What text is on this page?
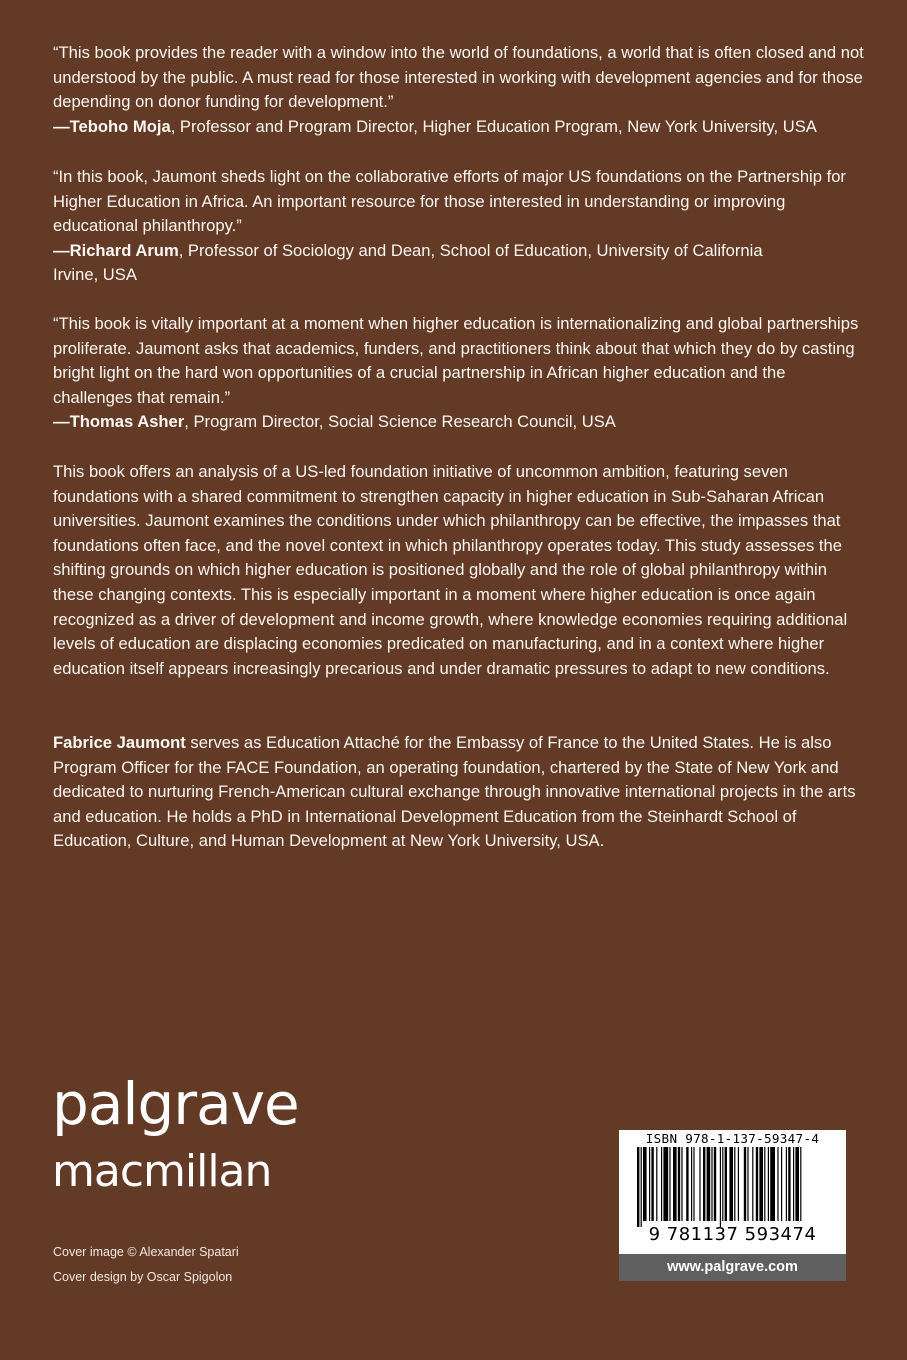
“This book provides the reader with a window into the world of foundations, a world that is often closed and not understood by the public. A must read for those interested in working with development agencies and for those depending on donor funding for development.”

—Teboho Moja, Professor and Program Director, Higher Education Program, New York University, USA

“In this book, Jaumont sheds light on the collaborative efforts of major US foundations on the Partnership for Higher Education in Africa. An important resource for those interested in understanding or improving educational philanthropy.”

—Richard Arum, Professor of Sociology and Dean, School of Education, University of California Irvine, USA

“This book is vitally important at a moment when higher education is internationalizing and global partnerships proliferate. Jaumont asks that academics, funders, and practitioners think about that which they do by casting bright light on the hard won opportunities of a crucial partnership in African higher education and the challenges that remain.”

—Thomas Asher, Program Director, Social Science Research Council, USA

This book offers an analysis of a US-led foundation initiative of uncommon ambition, featuring seven foundations with a shared commitment to strengthen capacity in higher education in Sub-Saharan African universities. Jaumont examines the conditions under which philanthropy can be effective, the impasses that foundations often face, and the novel context in which philanthropy operates today. This study assesses the shifting grounds on which higher education is positioned globally and the role of global philanthropy within these changing contexts. This is especially important in a moment where higher education is once again recognized as a driver of development and income growth, where knowledge economies requiring additional levels of education are displacing economies predicated on manufacturing, and in a context where higher education itself appears increasingly precarious and under dramatic pressures to adapt to new conditions.

Fabrice Jaumont serves as Education Attaché for the Embassy of France to the United States. He is also Program Officer for the FACE Foundation, an operating foundation, chartered by the State of New York and dedicated to nurturing French-American cultural exchange through innovative international projects in the arts and education. He holds a PhD in International Development Education from the Steinhardt School of Education, Culture, and Human Development at New York University, USA.

palgrave
macmillan
Cover image © Alexander Spatari
Cover design by Oscar Spigolon
ISBN 978-1-137-59347-4
9 781137 593474
www.palgrave.com
